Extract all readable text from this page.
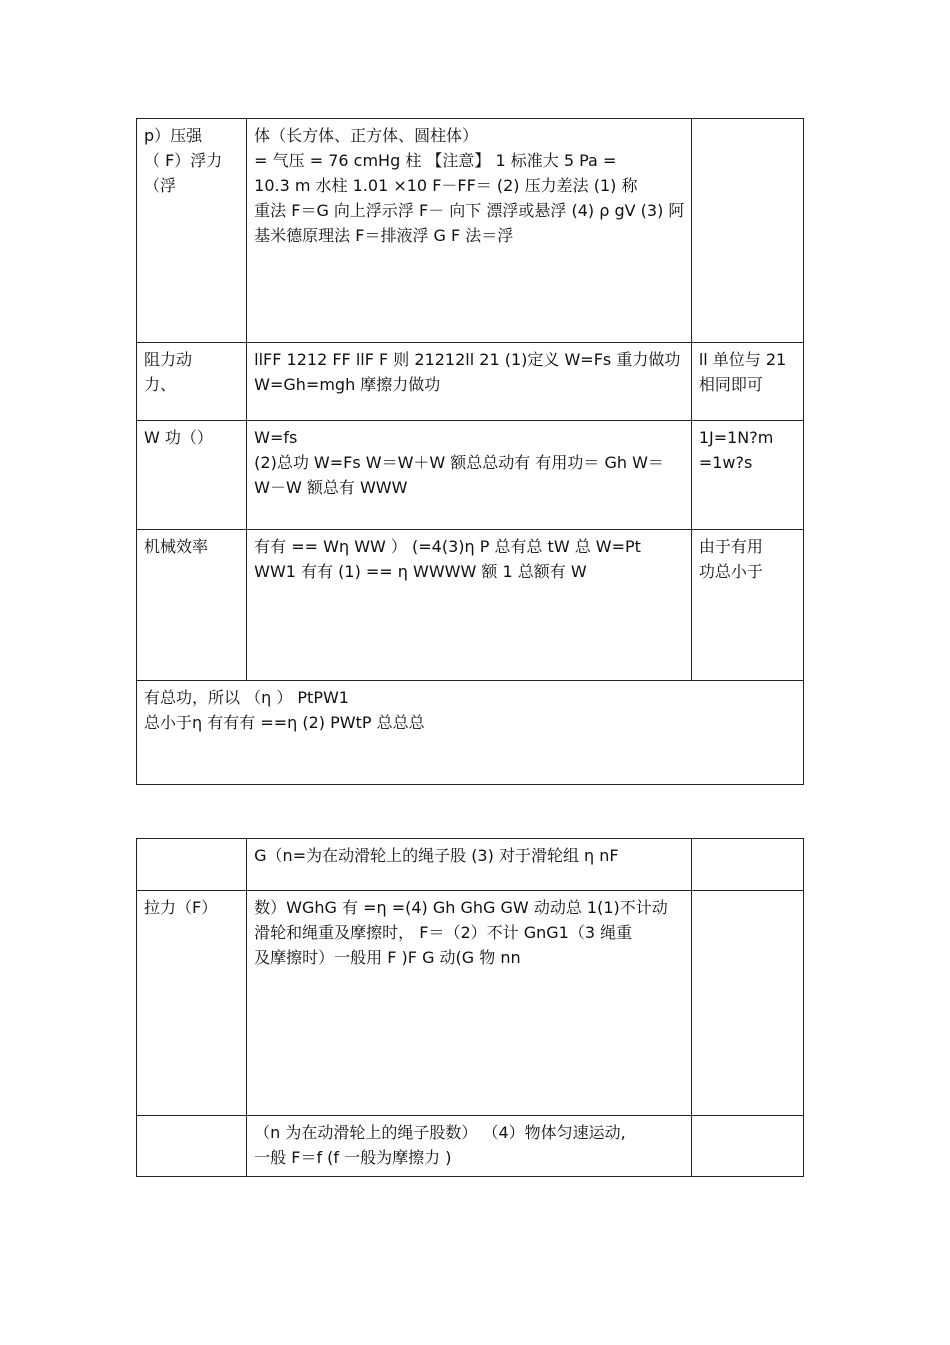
p）压强
（ F）浮力
（浮	体（长方体、正方体、圆柱体）
= 气压 = 76 cmHg 柱 【注意】 1 标准大 5 Pa =
10.3 m 水柱 1.01 ×10 F－FF＝ (2) 压力差法 (1) 称
重法 F＝G 向上浮示浮 F－ 向下 漂浮或悬浮 (4) ρ gV (3) 阿
基米德原理法 F＝排液浮 G F 法＝浮	

阻力动
力、	llFF 1212 FF llF F 则 21212ll 21 (1)定义 W=Fs 重力做功
W=Gh=mgh 摩擦力做功	ll 单位与 21
相同即可

W 功（）	W=fs
(2)总功 W=Fs W＝W＋W 额总总动有 有用功＝ Gh W＝
W－W 额总有 WWW	1J=1N?m
=1w?s

机械效率	有有 == Wη WW ） (=4(3)η P 总有总 tW 总 W=Pt
WW1 有有 (1) == η WWWW 额 1 总额有 W	由于有用
功总小于

有总功，所以 （η ） PtPW1
总小于η 有有有 ==η (2) PWtP 总总总		

	G（n=为在动滑轮上的绳子股 (3) 对于滑轮组 η nF	

拉力（F）	数）WGhG 有 =η =(4) Gh GhG GW 动动总 1(1)不计动
滑轮和绳重及摩擦时， F＝（2）不计 GnG1（3 绳重
及摩擦时）一般用 F )F G 动(G 物 nn	

	（n 为在动滑轮上的绳子股数） （4）物体匀速运动,
一般 F＝f (f 一般为摩擦力 )	
